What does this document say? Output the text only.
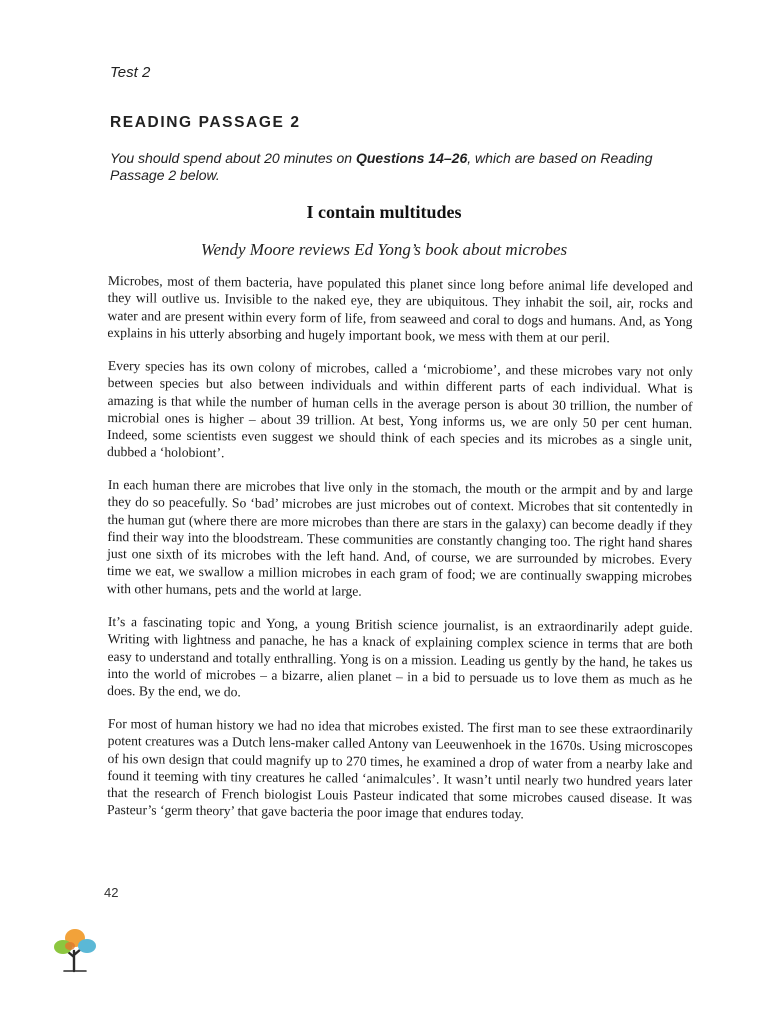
Test 2
READING PASSAGE 2
You should spend about 20 minutes on Questions 14–26, which are based on Reading Passage 2 below.
I contain multitudes
Wendy Moore reviews Ed Yong’s book about microbes

Microbes, most of them bacteria, have populated this planet since long before animal life developed and they will outlive us. Invisible to the naked eye, they are ubiquitous. They inhabit the soil, air, rocks and water and are present within every form of life, from seaweed and coral to dogs and humans. And, as Yong explains in his utterly absorbing and hugely important book, we mess with them at our peril.

Every species has its own colony of microbes, called a ‘microbiome’, and these microbes vary not only between species but also between individuals and within different parts of each individual. What is amazing is that while the number of human cells in the average person is about 30 trillion, the number of microbial ones is higher – about 39 trillion. At best, Yong informs us, we are only 50 per cent human. Indeed, some scientists even suggest we should think of each species and its microbes as a single unit, dubbed a ‘holobiont’.

In each human there are microbes that live only in the stomach, the mouth or the armpit and by and large they do so peacefully. So ‘bad’ microbes are just microbes out of context. Microbes that sit contentedly in the human gut (where there are more microbes than there are stars in the galaxy) can become deadly if they find their way into the bloodstream. These communities are constantly changing too. The right hand shares just one sixth of its microbes with the left hand. And, of course, we are surrounded by microbes. Every time we eat, we swallow a million microbes in each gram of food; we are continually swapping microbes with other humans, pets and the world at large.

It’s a fascinating topic and Yong, a young British science journalist, is an extraordinarily adept guide. Writing with lightness and panache, he has a knack of explaining complex science in terms that are both easy to understand and totally enthralling. Yong is on a mission. Leading us gently by the hand, he takes us into the world of microbes – a bizarre, alien planet – in a bid to persuade us to love them as much as he does. By the end, we do.

For most of human history we had no idea that microbes existed. The first man to see these extraordinarily potent creatures was a Dutch lens-maker called Antony van Leeuwenhoek in the 1670s. Using microscopes of his own design that could magnify up to 270 times, he examined a drop of water from a nearby lake and found it teeming with tiny creatures he called ‘animalcules’. It wasn’t until nearly two hundred years later that the research of French biologist Louis Pasteur indicated that some microbes caused disease. It was Pasteur’s ‘germ theory’ that gave bacteria the poor image that endures today.

42
